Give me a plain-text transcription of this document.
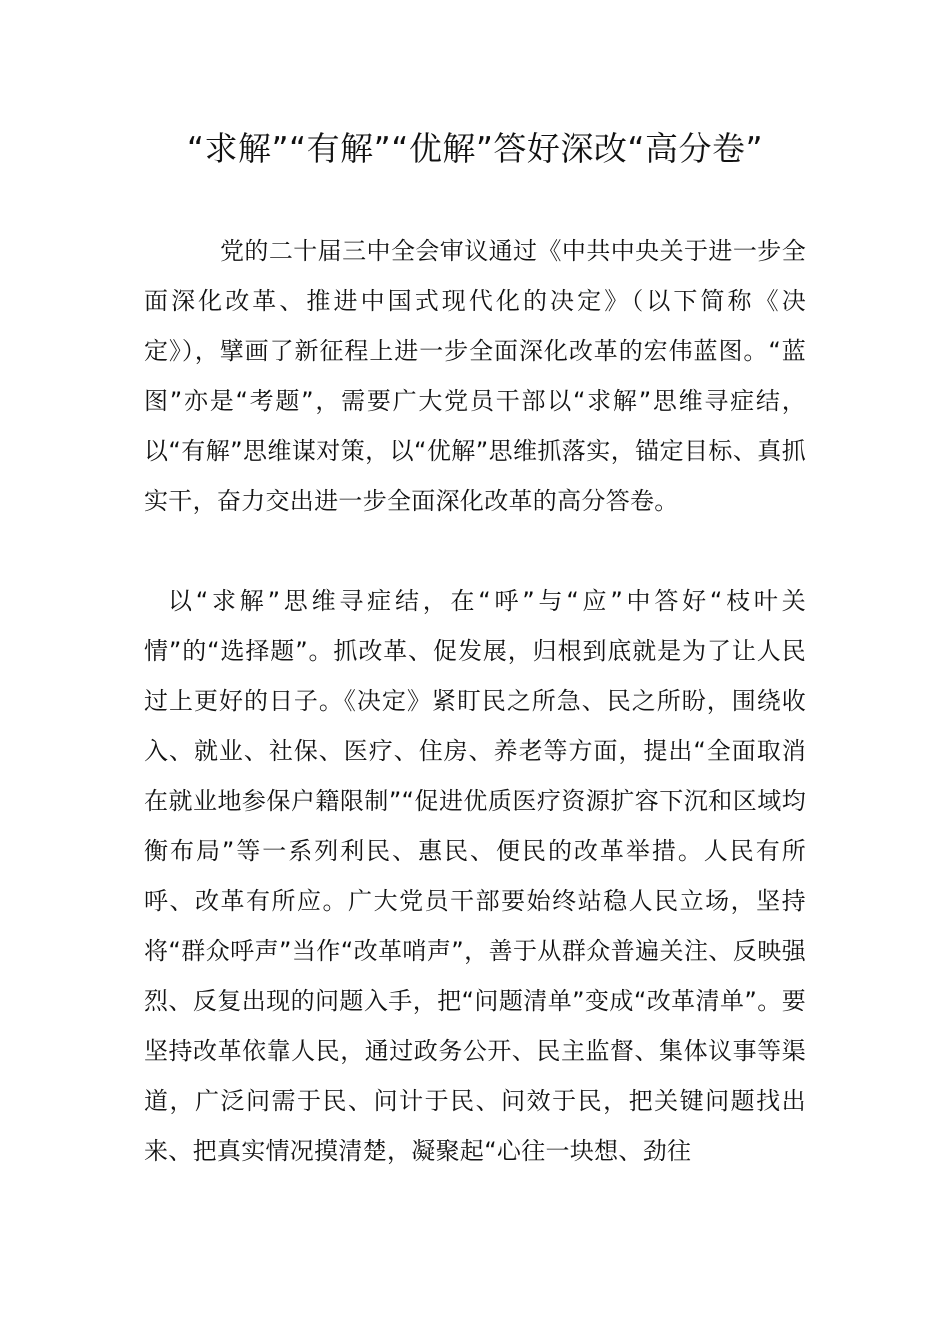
“求解”“有解”“优解”答好深改“高分卷”

党的二十届三中全会审议通过《中共中央关于进一步全面深化改革、推进中国式现代化的决定》（以下简称《决定》），擘画了新征程上进一步全面深化改革的宏伟蓝图。“蓝图”亦是“考题”，需要广大党员干部以“求解”思维寻症结，以“有解”思维谋对策，以“优解”思维抓落实，锚定目标、真抓实干，奋力交出进一步全面深化改革的高分答卷。

以“求解”思维寻症结，在“呼”与“应”中答好“枝叶关情”的“选择题”。抓改革、促发展，归根到底就是为了让人民过上更好的日子。《决定》紧盯民之所急、民之所盼，围绕收入、就业、社保、医疗、住房、养老等方面，提出“全面取消在就业地参保户籍限制”“促进优质医疗资源扩容下沉和区域均衡布局”等一系列利民、惠民、便民的改革举措。人民有所呼、改革有所应。广大党员干部要始终站稳人民立场，坚持将“群众呼声”当作“改革哨声”，善于从群众普遍关注、反映强烈、反复出现的问题入手，把“问题清单”变成“改革清单”。要坚持改革依靠人民，通过政务公开、民主监督、集体议事等渠道，广泛问需于民、问计于民、问效于民，把关键问题找出来、把真实情况摸清楚，凝聚起“心往一块想、劲往
